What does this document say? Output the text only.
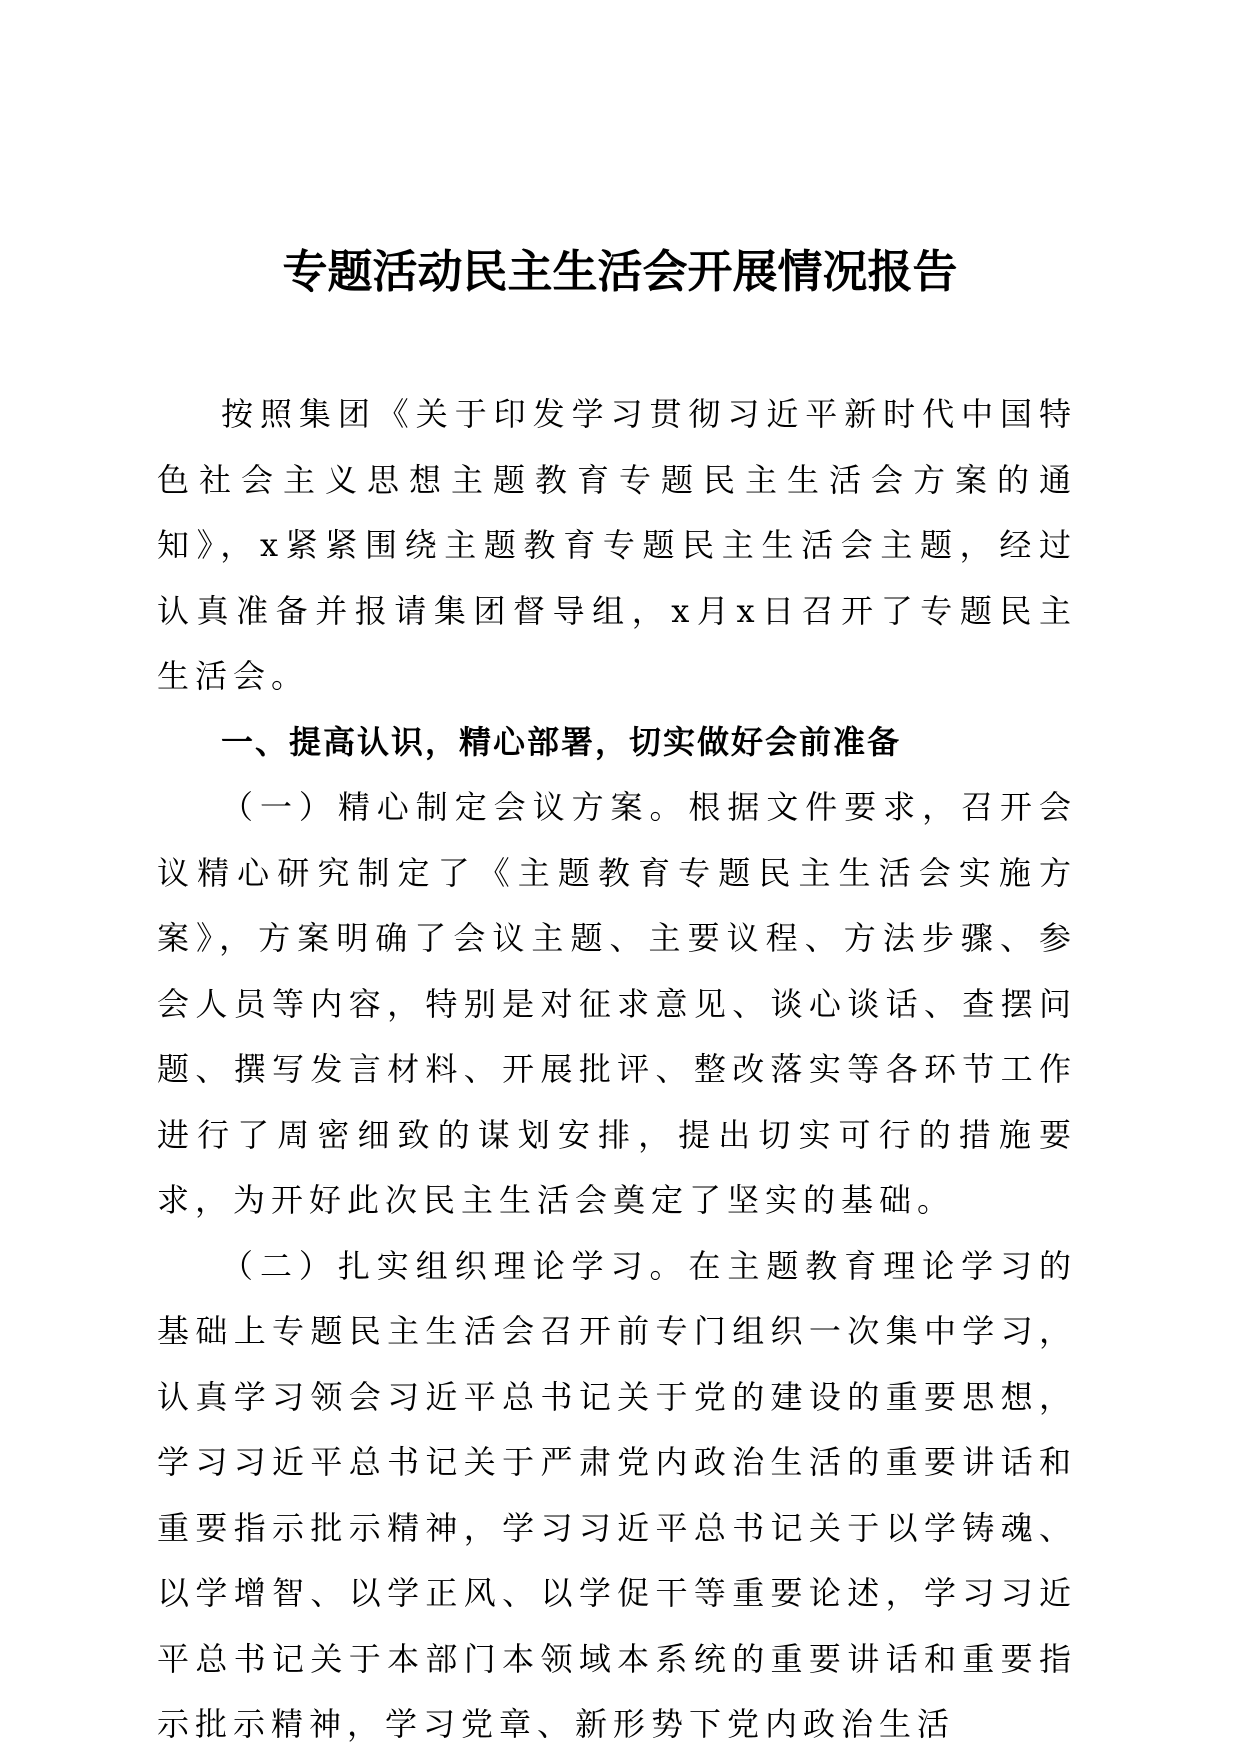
专题活动民主生活会开展情况报告

按照集团《关于印发学习贯彻习近平新时代中国特色社会主义思想主题教育专题民主生活会方案的通知》，x紧紧围绕主题教育专题民主生活会主题，经过认真准备并报请集团督导组，x月x日召开了专题民主生活会。

一、提高认识，精心部署，切实做好会前准备

（一）精心制定会议方案。根据文件要求，召开会议精心研究制定了《主题教育专题民主生活会实施方案》，方案明确了会议主题、主要议程、方法步骤、参会人员等内容，特别是对征求意见、谈心谈话、查摆问题、撰写发言材料、开展批评、整改落实等各环节工作进行了周密细致的谋划安排，提出切实可行的措施要求，为开好此次民主生活会奠定了坚实的基础。

（二）扎实组织理论学习。在主题教育理论学习的基础上专题民主生活会召开前专门组织一次集中学习，认真学习领会习近平总书记关于党的建设的重要思想，学习习近平总书记关于严肃党内政治生活的重要讲话和重要指示批示精神，学习习近平总书记关于以学铸魂、以学增智、以学正风、以学促干等重要论述，学习习近平总书记关于本部门本领域本系统的重要讲话和重要指示批示精神，学习党章、新形势下党内政治生活
